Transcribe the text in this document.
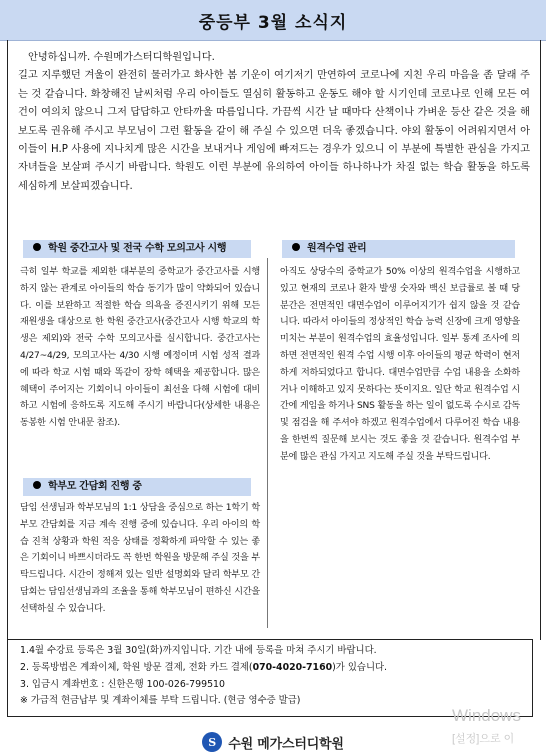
중등부 3월 소식지
안녕하십니까. 수원메가스터디학원입니다.
길고 지루했던 겨울이 완전히 물러가고 화사한 봄 기운이 여기저기 만연하여 코로나에 지친 우리 마음을 좀 달래 주는 것 같습니다. 화창해진 날씨처럼 우리 아이들도 열심히 활동하고 운동도 해야 할 시기인데 코로나로 인해 모든 여건이 여의치 않으니 그저 답답하고 안타까울 따름입니다. 가끔씩 시간 날 때마다 산책이나 가벼운 등산 같은 것을 해 보도록 권유해 주시고 부모님이 그런 활동을 같이 해 주실 수 있으면 더욱 좋겠습니다. 야외 활동이 어려워지면서 아이들이 H.P 사용에 지나치게 많은 시간을 보내거나 게임에 빠져드는 경우가 있으니 이 부분에 특별한 관심을 가지고 자녀들을 보살펴 주시기 바랍니다. 학원도 이런 부분에 유의하여 아이들 하나하나가 차질 없는 학습 활동을 하도록 세심하게 보살피겠습니다.
학원 중간고사 및 전국 수학 모의고사 시행
극히 일부 학교를 제외한 대부분의 중학교가 중간고사를 시행하지 않는 관계로 아이들의 학습 동기가 많이 약화되어 있습니다. 이를 보완하고 적절한 학습 의욕을 증진시키기 위해 모든 재원생을 대상으로 한 학원 중간고사(중간고사 시행 학교의 학생은 제외)와 전국 수학 모의고사를 실시합니다. 중간고사는 4/27~4/29, 모의고사는 4/30 시행 예정이며 시험 성적 결과에 따라 학교 시험 때와 똑같이 장학 혜택을 제공합니다. 많은 혜택이 주어지는 기회이니 아이들이 최선을 다해 시험에 대비하고 시험에 응하도록 지도해 주시기 바랍니다(상세한 내용은 동봉한 시험 안내문 참조).
학부모 간담회 진행 중
담임 선생님과 학부모님의 1:1 상담을 중심으로 하는 1학기 학부모 간담회를 지금 계속 진행 중에 있습니다. 우리 아이의 학습 진척 상황과 학원 적응 상태를 정확하게 파악할 수 있는 좋은 기회이니 바쁘시더라도 꼭 한번 학원을 방문해 주실 것을 부탁드립니다. 시간이 정해져 있는 일반 설명회와 달리 학부모 간담회는 담임선생님과의 조율을 통해 학부모님이 편하신 시간을 선택하실 수 있습니다.
원격수업 관리
아직도 상당수의 중학교가 50% 이상의 원격수업을 시행하고 있고 현재의 코로나 환자 발생 숫자와 백신 보급률로 볼 때 당분간은 전면적인 대면수업이 이루어지기가 쉽지 않을 것 같습니다. 따라서 아이들의 정상적인 학습 능력 신장에 크게 영향을 미치는 부분이 원격수업의 효율성입니다. 일부 통계 조사에 의하면 전면적인 원격 수업 시행 이후 아이들의 평균 학력이 현저하게 저하되었다고 합니다. 대면수업만큼 수업 내용을 소화하거나 이해하고 있지 못하다는 뜻이지요. 일단 학교 원격수업 시간에 게임을 하거나 SNS 활동을 하는 일이 없도록 수시로 감독 및 점검을 해 주셔야 하겠고 원격수업에서 다루어진 학습 내용을 한번씩 질문해 보시는 것도 좋을 것 같습니다. 원격수업 부분에 많은 관심 가지고 지도해 주실 것을 부탁드립니다.
1.4월 수강료 등록은 3월 30일(화)까지입니다. 기간 내에 등록을 마쳐 주시기 바랍니다.
2. 등록방법은 계좌이체, 학원 방문 결제, 전화 카드 결제(070-4020-7160)가 있습니다.
3. 입금시 계좌번호 : 신한은행 100-026-799510
※ 가급적 현금납부 및 계좌이체를 부탁 드립니다. (현금 영수증 발급)
S 수원 메가스터디학원
Windows
[설정]으로 이
